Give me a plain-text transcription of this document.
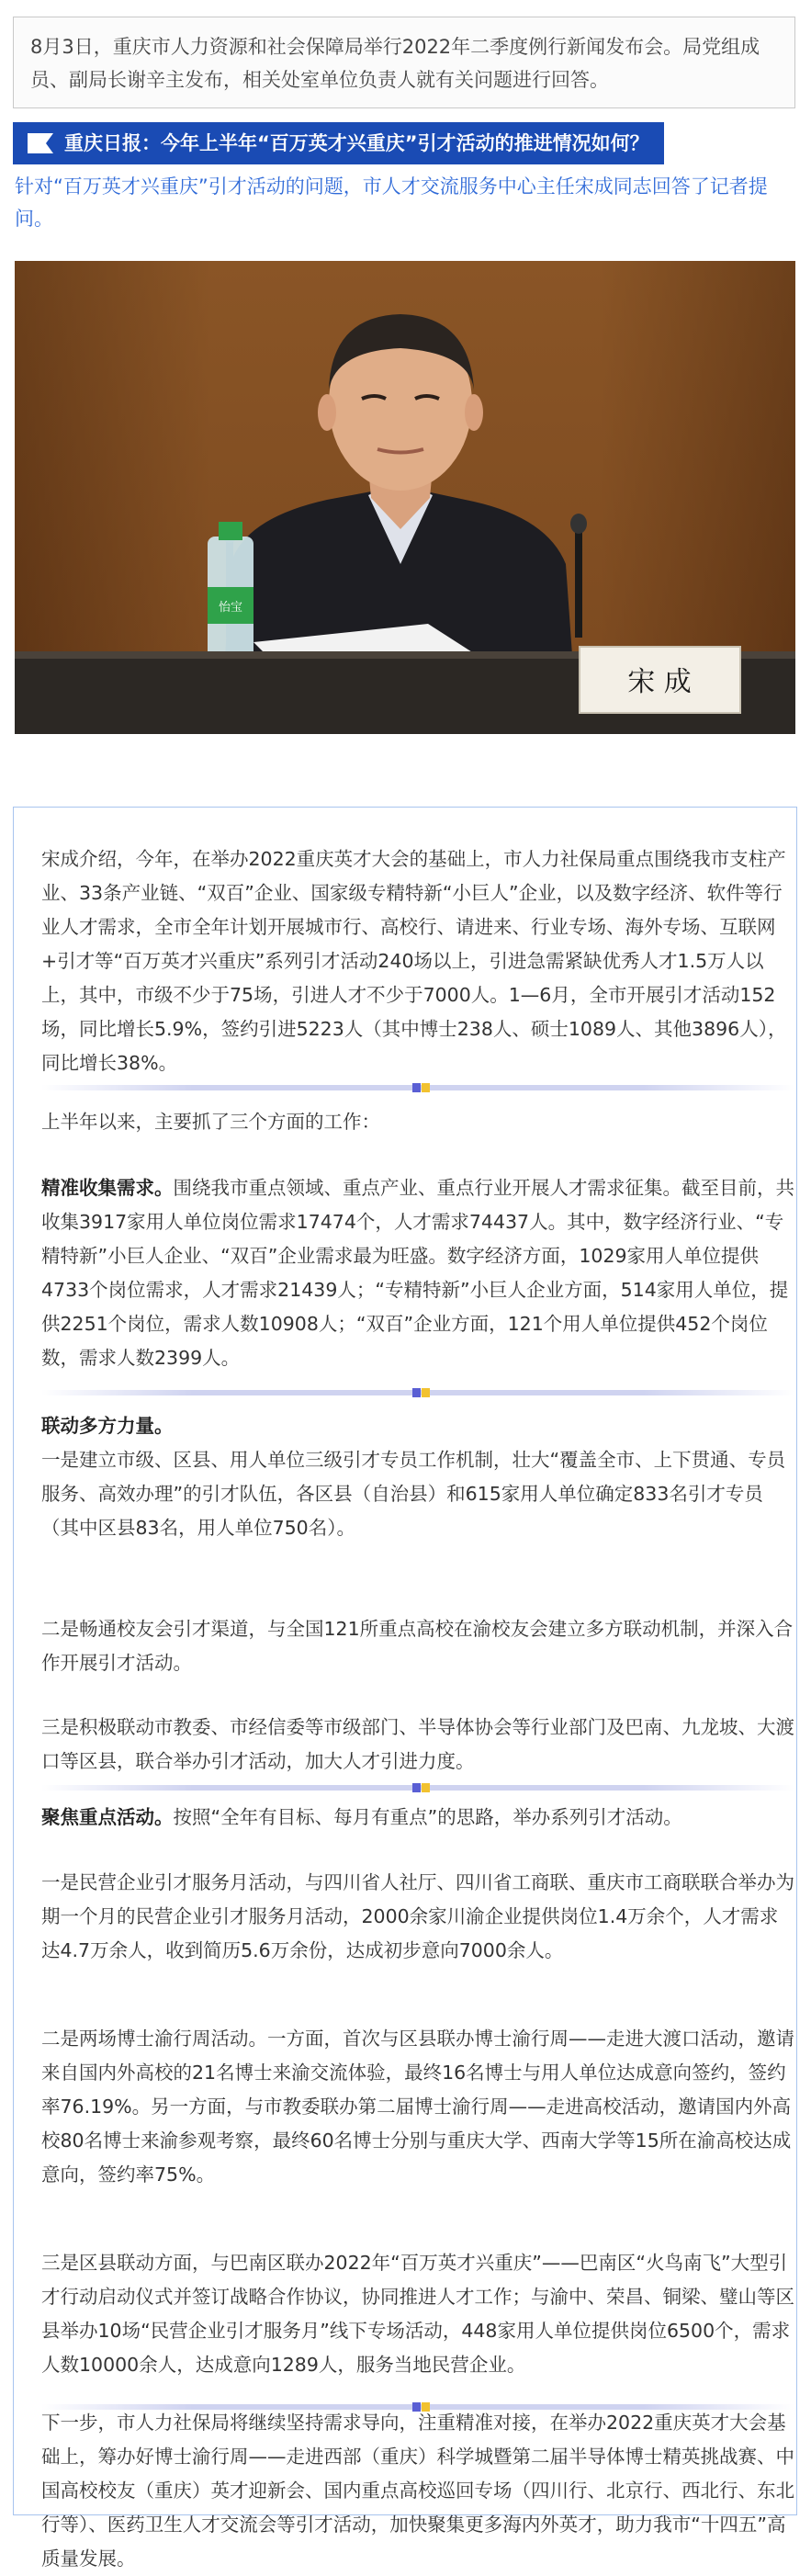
8月3日，重庆市人力资源和社会保障局举行2022年二季度例行新闻发布会。局党组成员、副局长谢辛主发布，相关处室单位负责人就有关问题进行回答。
重庆日报：今年上半年“百万英才兴重庆”引才活动的推进情况如何？
针对“百万英才兴重庆”引才活动的问题，市人才交流服务中心主任宋成同志回答了记者提问。
怡宝
宋 成
宋成介绍，今年，在举办2022重庆英才大会的基础上，市人力社保局重点围绕我市支柱产业、33条产业链、“双百”企业、国家级专精特新“小巨人”企业，以及数字经济、软件等行业人才需求，全市全年计划开展城市行、高校行、请进来、行业专场、海外专场、互联网+引才等“百万英才兴重庆”系列引才活动240场以上，引进急需紧缺优秀人才1.5万人以上，其中，市级不少于75场，引进人才不少于7000人。1—6月，全市开展引才活动152场，同比增长5.9%，签约引进5223人（其中博士238人、硕士1089人、其他3896人），同比增长38%。
上半年以来，主要抓了三个方面的工作：
精准收集需求。围绕我市重点领域、重点产业、重点行业开展人才需求征集。截至目前，共收集3917家用人单位岗位需求17474个，人才需求74437人。其中，数字经济行业、“专精特新”小巨人企业、“双百”企业需求最为旺盛。数字经济方面，1029家用人单位提供4733个岗位需求，人才需求21439人；“专精特新”小巨人企业方面，514家用人单位，提供2251个岗位，需求人数10908人；“双百”企业方面，121个用人单位提供452个岗位数，需求人数2399人。
联动多方力量。
一是建立市级、区县、用人单位三级引才专员工作机制，壮大“覆盖全市、上下贯通、专员服务、高效办理”的引才队伍，各区县（自治县）和615家用人单位确定833名引才专员（其中区县83名，用人单位750名）。
二是畅通校友会引才渠道，与全国121所重点高校在渝校友会建立多方联动机制，并深入合作开展引才活动。
三是积极联动市教委、市经信委等市级部门、半导体协会等行业部门及巴南、九龙坡、大渡口等区县，联合举办引才活动，加大人才引进力度。
聚焦重点活动。按照“全年有目标、每月有重点”的思路，举办系列引才活动。
一是民营企业引才服务月活动，与四川省人社厅、四川省工商联、重庆市工商联联合举办为期一个月的民营企业引才服务月活动，2000余家川渝企业提供岗位1.4万余个，人才需求达4.7万余人，收到简历5.6万余份，达成初步意向7000余人。
二是两场博士渝行周活动。一方面，首次与区县联办博士渝行周——走进大渡口活动，邀请来自国内外高校的21名博士来渝交流体验，最终16名博士与用人单位达成意向签约，签约率76.19%。另一方面，与市教委联办第二届博士渝行周——走进高校活动，邀请国内外高校80名博士来渝参观考察，最终60名博士分别与重庆大学、西南大学等15所在渝高校达成意向，签约率75%。
三是区县联动方面，与巴南区联办2022年“百万英才兴重庆”——巴南区“火鸟南飞”大型引才行动启动仪式并签订战略合作协议，协同推进人才工作；与渝中、荣昌、铜梁、璧山等区县举办10场“民营企业引才服务月”线下专场活动，448家用人单位提供岗位6500个，需求人数10000余人，达成意向1289人，服务当地民营企业。
下一步，市人力社保局将继续坚持需求导向，注重精准对接，在举办2022重庆英才大会基础上，筹办好博士渝行周——走进西部（重庆）科学城暨第二届半导体博士精英挑战赛、中国高校校友（重庆）英才迎新会、国内重点高校巡回专场（四川行、北京行、西北行、东北行等）、医药卫生人才交流会等引才活动，加快聚集更多海内外英才，助力我市“十四五”高质量发展。
